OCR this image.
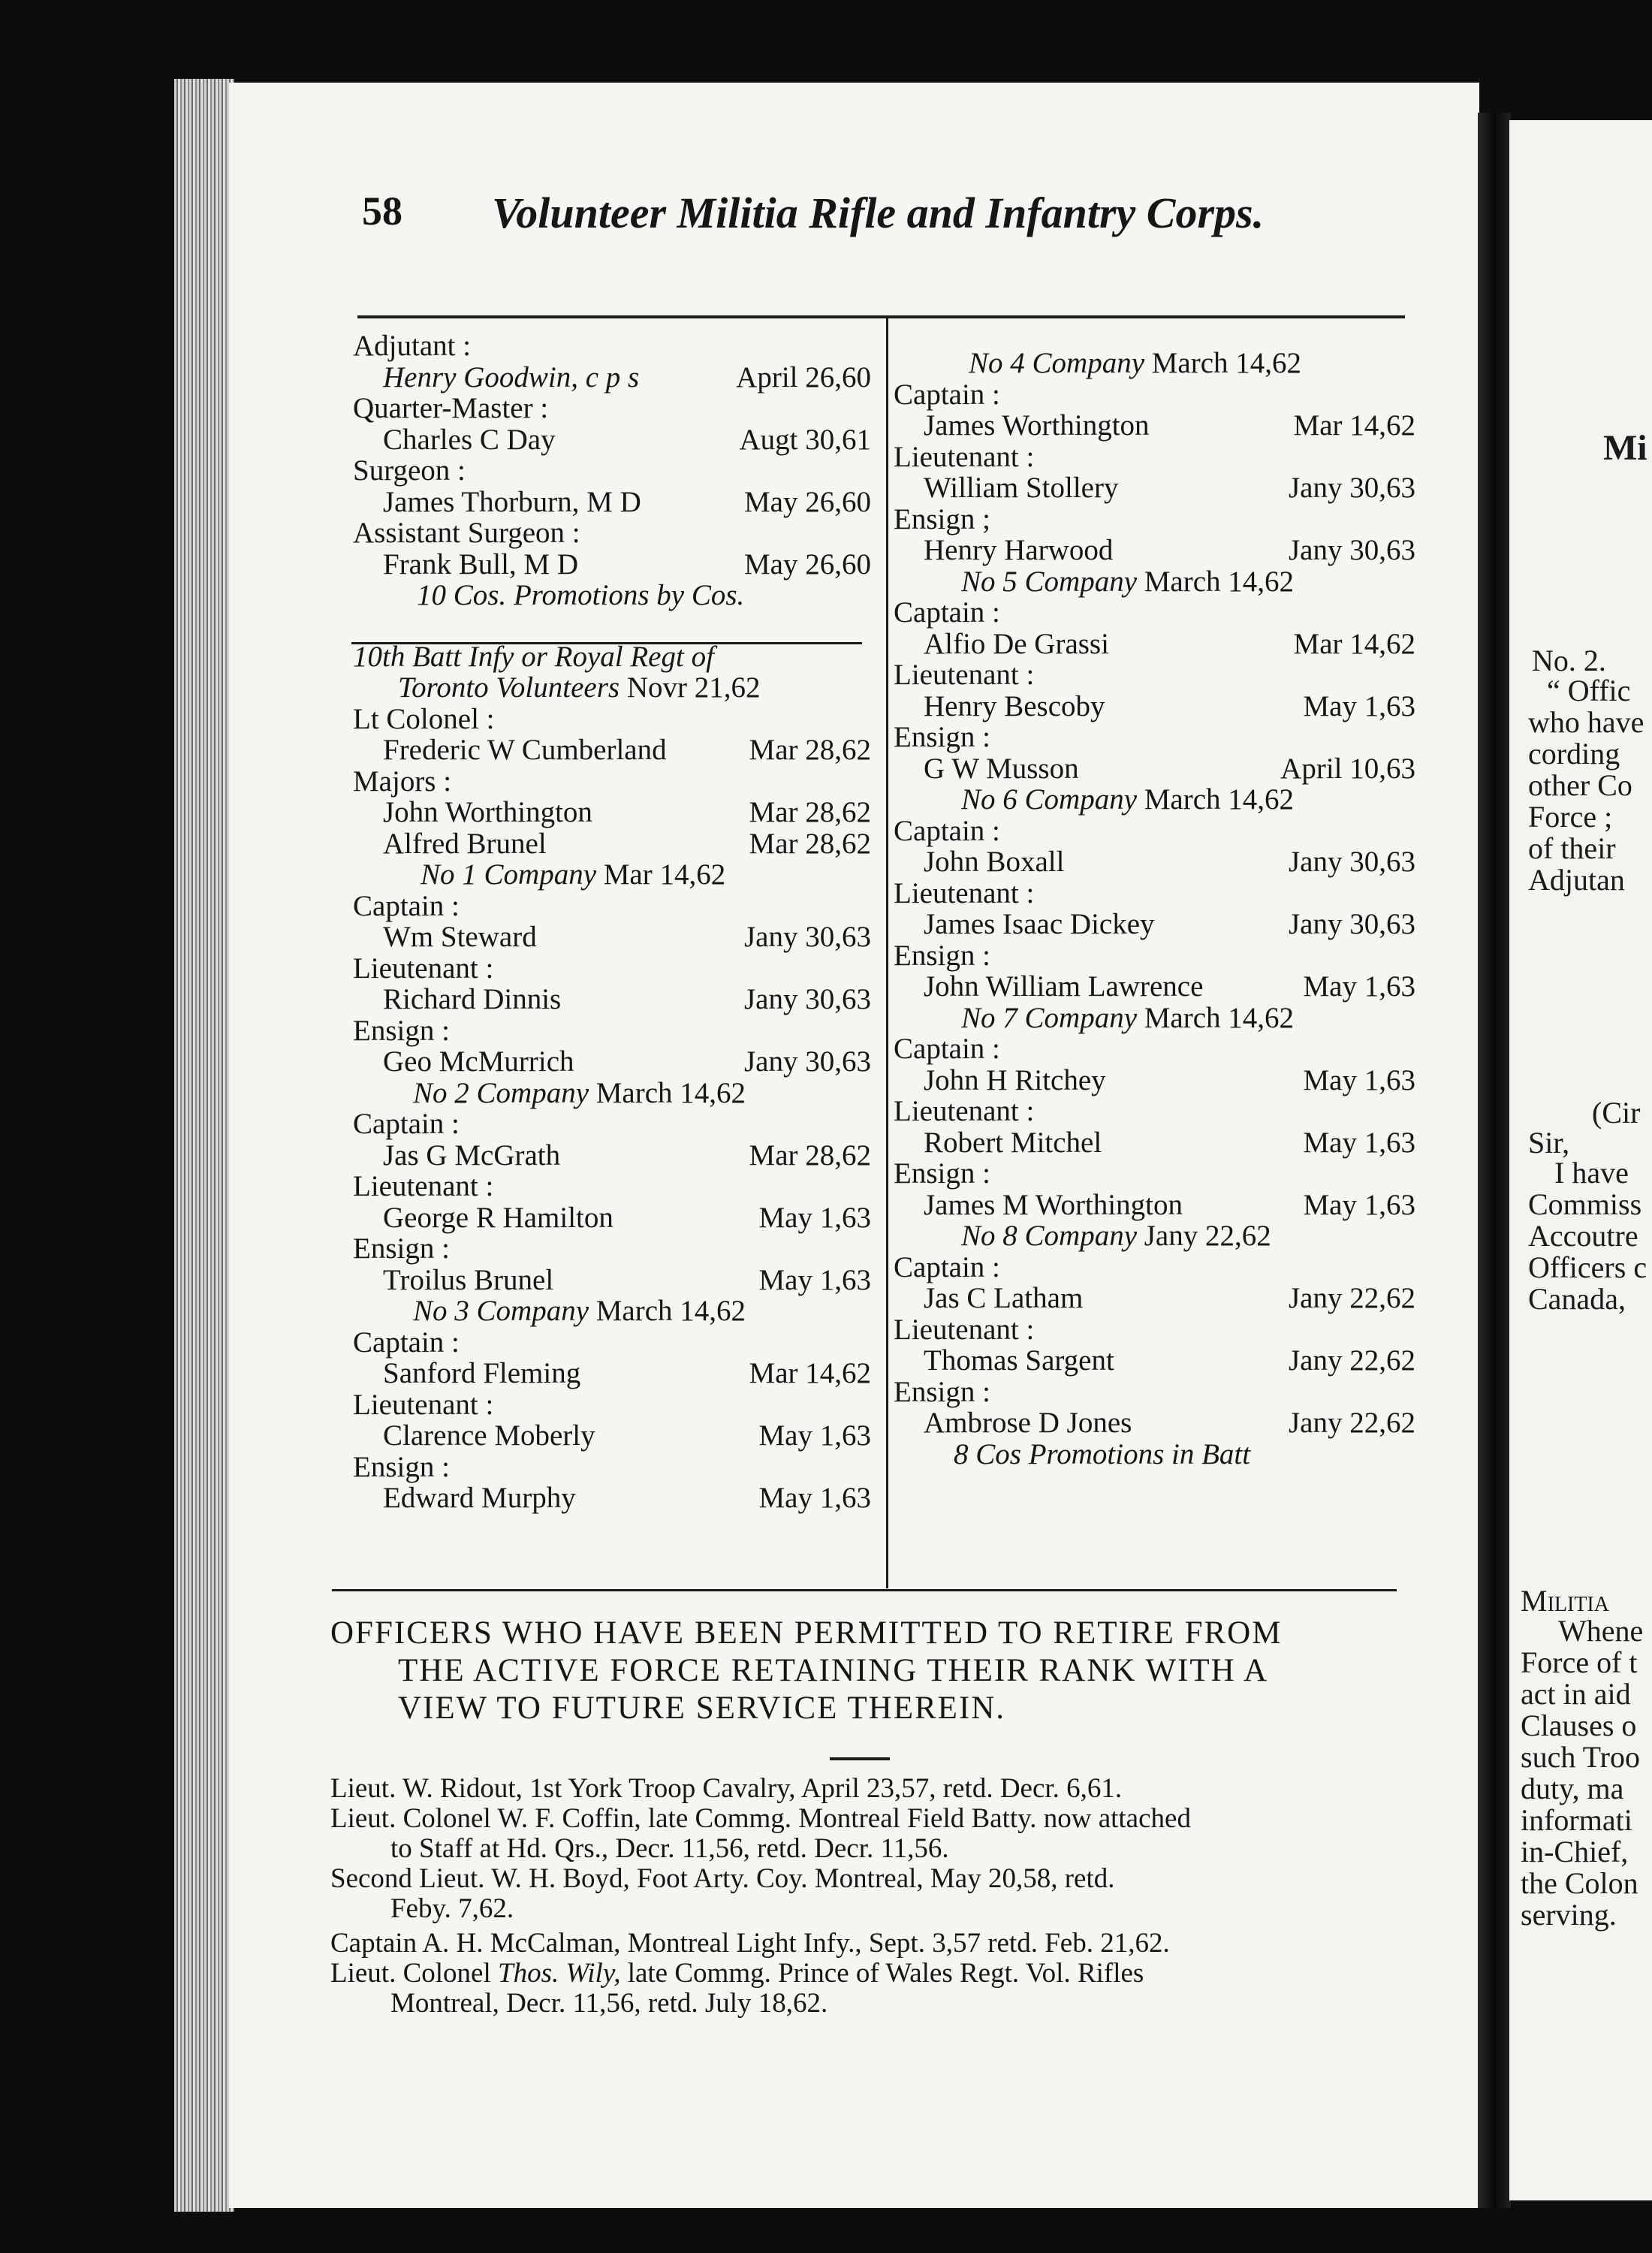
58 Volunteer Militia Rifle and Infantry Corps.
Adjutant :
Henry Goodwin, c p s	April 26,60
Quarter-Master :
Charles C Day	Augt 30,61
Surgeon :
James Thorburn, M D	May 26,60
Assistant Surgeon :
Frank Bull, M D	May 26,60
10 Cos. Promotions by Cos.
10th Batt Infy or Royal Regt of
Toronto Volunteers Novr 21,62
Lt Colonel :
Frederic W Cumberland	Mar 28,62
Majors :
John Worthington	Mar 28,62
Alfred Brunel	Mar 28,62
No 1 Company Mar 14,62
Captain :
Wm Steward	Jany 30,63
Lieutenant :
Richard Dinnis	Jany 30,63
Ensign :
Geo McMurrich	Jany 30,63
No 2 Company March 14,62
Captain :
Jas G McGrath	Mar 28,62
Lieutenant :
George R Hamilton	May 1,63
Ensign :
Troilus Brunel	May 1,63
No 3 Company March 14,62
Captain :
Sanford Fleming	Mar 14,62
Lieutenant :
Clarence Moberly	May 1,63
Ensign :
Edward Murphy	May 1,63
No 4 Company March 14,62
Captain :
James Worthington	Mar 14,62
Lieutenant :
William Stollery	Jany 30,63
Ensign ;
Henry Harwood	Jany 30,63
No 5 Company March 14,62
Captain :
Alfio De Grassi	Mar 14,62
Lieutenant :
Henry Bescoby	May 1,63
Ensign :
G W Musson	April 10,63
No 6 Company March 14,62
Captain :
John Boxall	Jany 30,63
Lieutenant :
James Isaac Dickey	Jany 30,63
Ensign :
John William Lawrence	May 1,63
No 7 Company March 14,62
Captain :
John H Ritchey	May 1,63
Lieutenant :
Robert Mitchel	May 1,63
Ensign :
James M Worthington	May 1,63
No 8 Company Jany 22,62
Captain :
Jas C Latham	Jany 22,62
Lieutenant :
Thomas Sargent	Jany 22,62
Ensign :
Ambrose D Jones	Jany 22,62
8 Cos Promotions in Batt
OFFICERS WHO HAVE BEEN PERMITTED TO RETIRE FROM
THE ACTIVE FORCE RETAINING THEIR RANK WITH A
VIEW TO FUTURE SERVICE THEREIN.
Lieut. W. Ridout, 1st York Troop Cavalry, April 23,57, retd. Decr. 6,61.
Lieut. Colonel W. F. Coffin, late Commg. Montreal Field Batty. now attached
to Staff at Hd. Qrs., Decr. 11,56, retd. Decr. 11,56.
Second Lieut. W. H. Boyd, Foot Arty. Coy. Montreal, May 20,58, retd.
Feby. 7,62.
Captain A. H. McCalman, Montreal Light Infy., Sept. 3,57 retd. Feb. 21,62.
Lieut. Colonel Thos. Wily, late Commg. Prince of Wales Regt. Vol. Rifles
Montreal, Decr. 11,56, retd. July 18,62.
Mi
No. 2.
“ Offic
who have
cording
other Co
Force ;
of their
Adjutan
(Cir
Sir,
I have
Commiss
Accoutre
Officers c
Canada,
Militia
Whene
Force of t
act in aid
Clauses o
such Troo
duty, ma
informati
in-Chief,
the Colon
serving.
